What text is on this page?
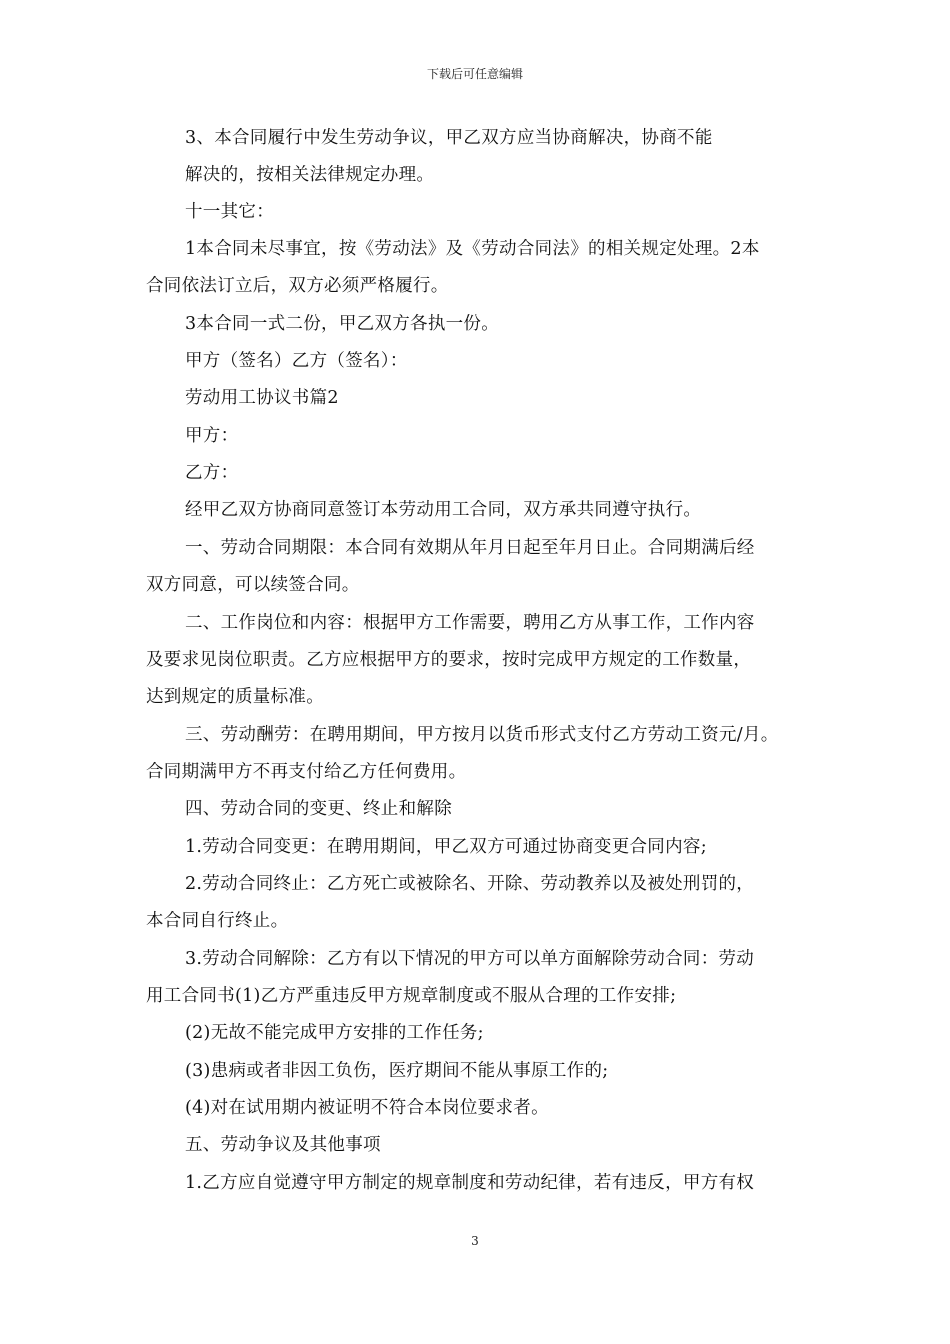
下载后可任意编辑
3、本合同履行中发生劳动争议，甲乙双方应当协商解决，协商不能
解决的，按相关法律规定办理。
十一其它：
1本合同未尽事宜，按《劳动法》及《劳动合同法》的相关规定处理。2本
合同依法订立后，双方必须严格履行。
3本合同一式二份，甲乙双方各执一份。
甲方（签名）乙方（签名）：
劳动用工协议书篇2
甲方：
乙方：
经甲乙双方协商同意签订本劳动用工合同，双方承共同遵守执行。
一、劳动合同期限：本合同有效期从年月日起至年月日止。合同期满后经
双方同意，可以续签合同。
二、工作岗位和内容：根据甲方工作需要，聘用乙方从事工作，工作内容
及要求见岗位职责。乙方应根据甲方的要求，按时完成甲方规定的工作数量，
达到规定的质量标准。
三、劳动酬劳：在聘用期间，甲方按月以货币形式支付乙方劳动工资元/月。
合同期满甲方不再支付给乙方任何费用。
四、劳动合同的变更、终止和解除
1.劳动合同变更：在聘用期间，甲乙双方可通过协商变更合同内容;
2.劳动合同终止：乙方死亡或被除名、开除、劳动教养以及被处刑罚的，
本合同自行终止。
3.劳动合同解除：乙方有以下情况的甲方可以单方面解除劳动合同：劳动
用工合同书(1)乙方严重违反甲方规章制度或不服从合理的工作安排;
(2)无故不能完成甲方安排的工作任务;
(3)患病或者非因工负伤，医疗期间不能从事原工作的;
(4)对在试用期内被证明不符合本岗位要求者。
五、劳动争议及其他事项
1.乙方应自觉遵守甲方制定的规章制度和劳动纪律，若有违反，甲方有权
3
